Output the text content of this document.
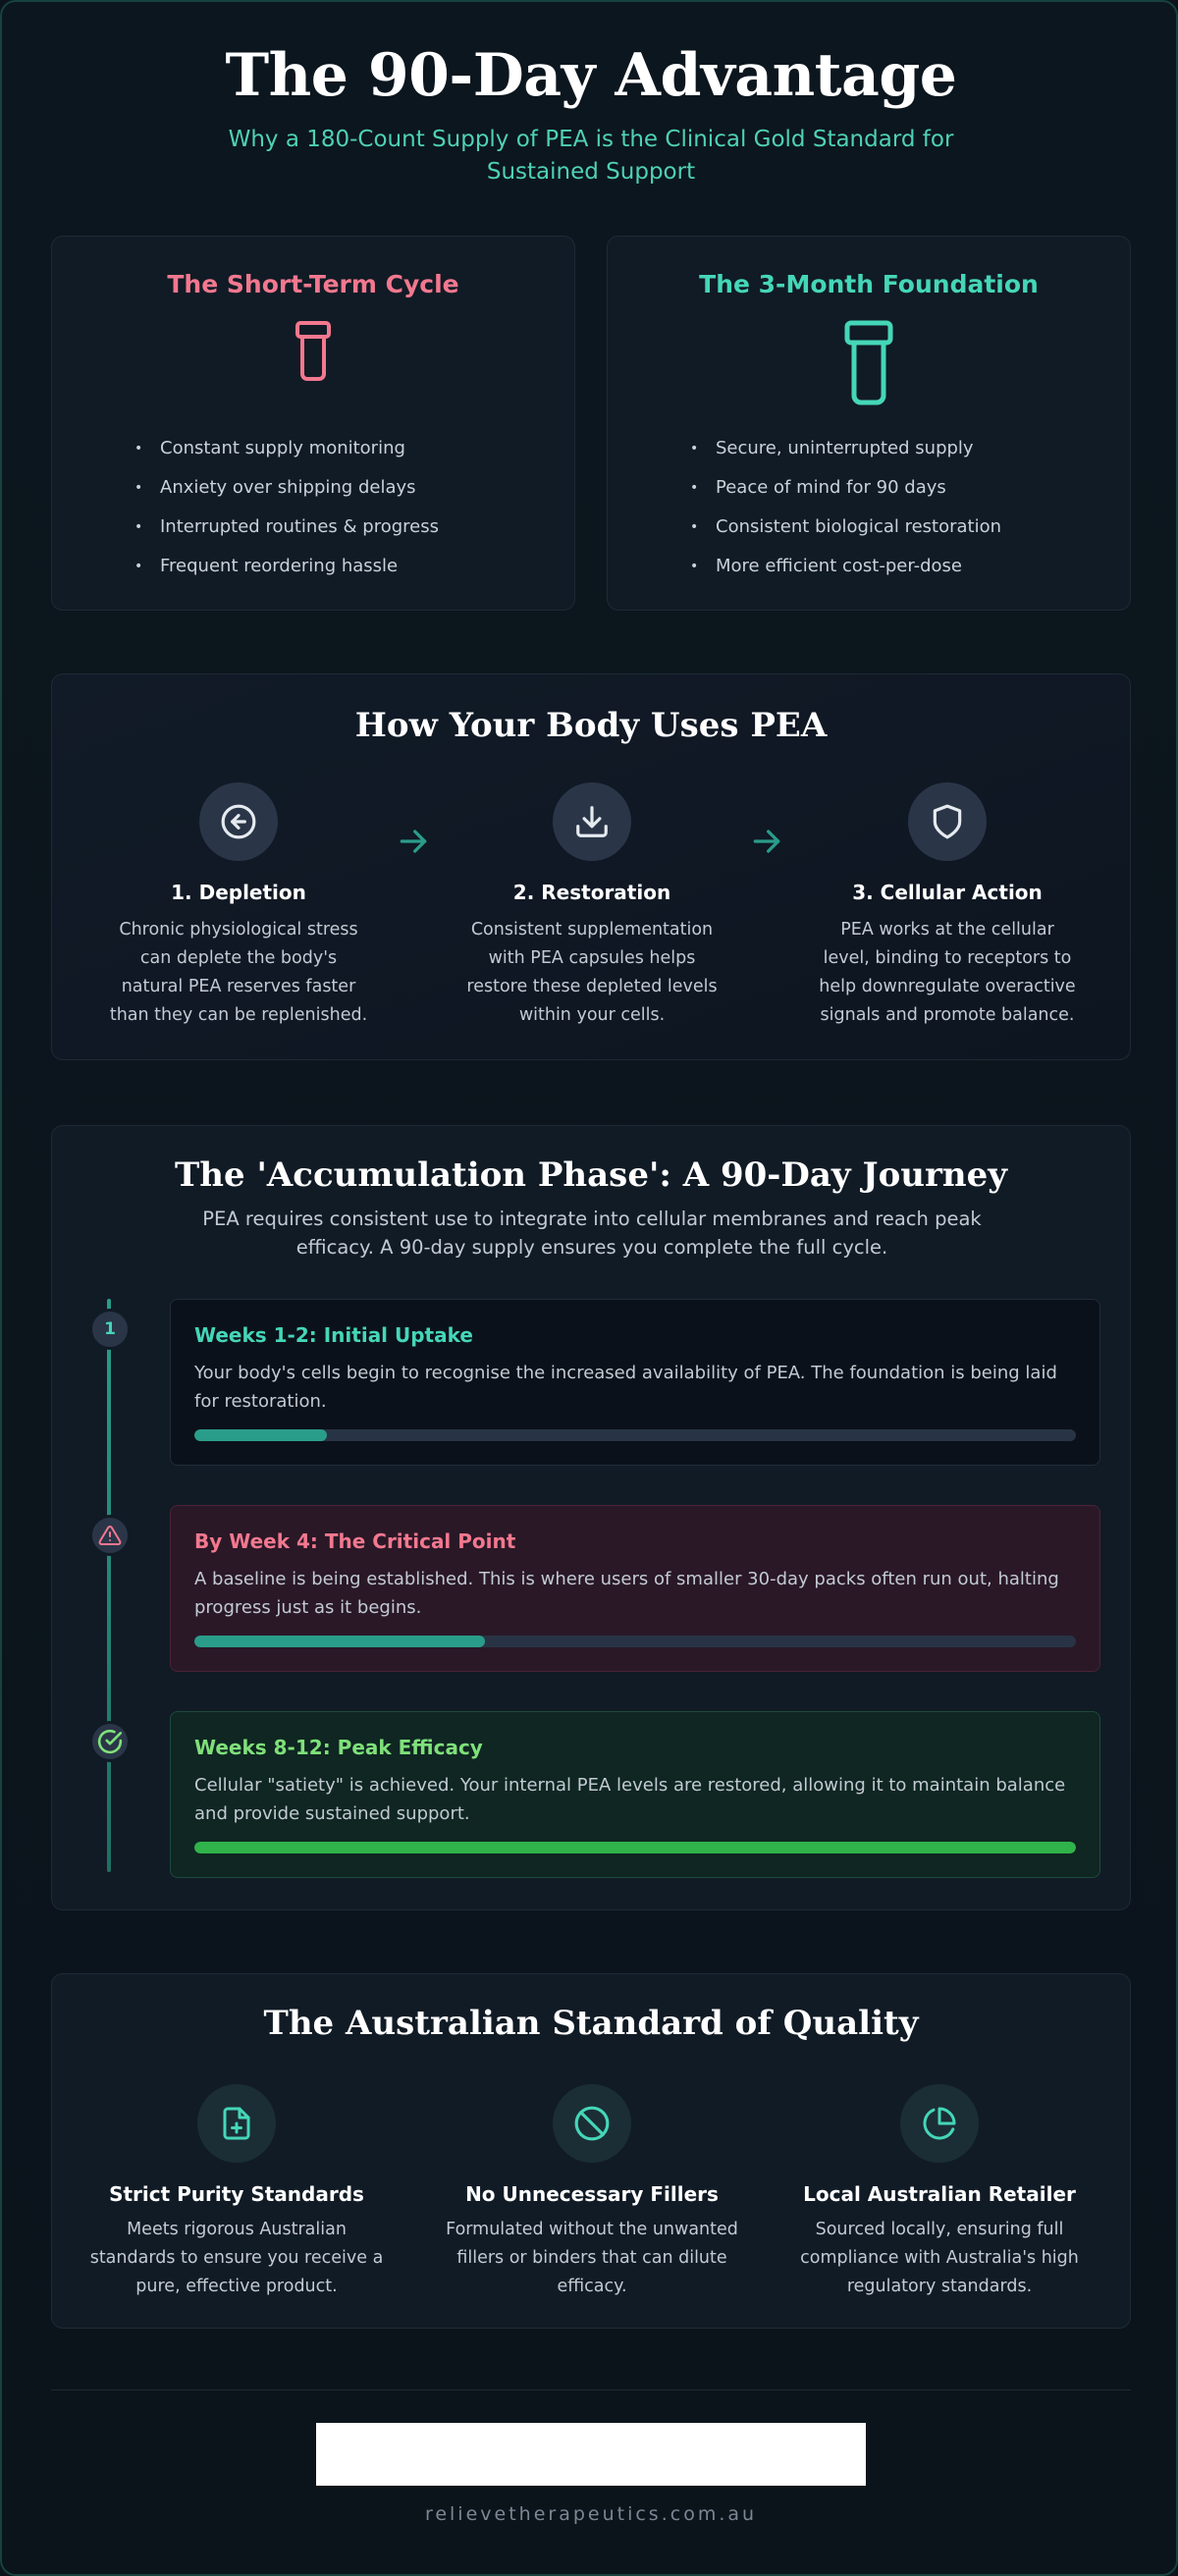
The 90-Day Advantage
Why a 180-Count Supply of PEA is the Clinical Gold Standard for Sustained Support
The Short-Term Cycle
• Constant supply monitoring
• Anxiety over shipping delays
• Interrupted routines & progress
• Frequent reordering hassle
The 3-Month Foundation
• Secure, uninterrupted supply
• Peace of mind for 90 days
• Consistent biological restoration
• More efficient cost-per-dose
How Your Body Uses PEA
1. Depletion
Chronic physiological stress can deplete the body's natural PEA reserves faster than they can be replenished.
2. Restoration
Consistent supplementation with PEA capsules helps restore these depleted levels within your cells.
3. Cellular Action
PEA works at the cellular level, binding to receptors to help downregulate overactive signals and promote balance.
The 'Accumulation Phase': A 90-Day Journey
PEA requires consistent use to integrate into cellular membranes and reach peak efficacy. A 90-day supply ensures you complete the full cycle.
1	Weeks 1-2: Initial Uptake
Your body's cells begin to recognise the increased availability of PEA. The foundation is being laid for restoration.
By Week 4: The Critical Point
A baseline is being established. This is where users of smaller 30-day packs often run out, halting progress just as it begins.
Weeks 8-12: Peak Efficacy
Cellular "satiety" is achieved. Your internal PEA levels are restored, allowing it to maintain balance and provide sustained support.
The Australian Standard of Quality
Strict Purity Standards
Meets rigorous Australian standards to ensure you receive a pure, effective product.
No Unnecessary Fillers
Formulated without the unwanted fillers or binders that can dilute efficacy.
Local Australian Retailer
Sourced locally, ensuring full compliance with Australia's high regulatory standards.
relievetherapeutics.com.au
